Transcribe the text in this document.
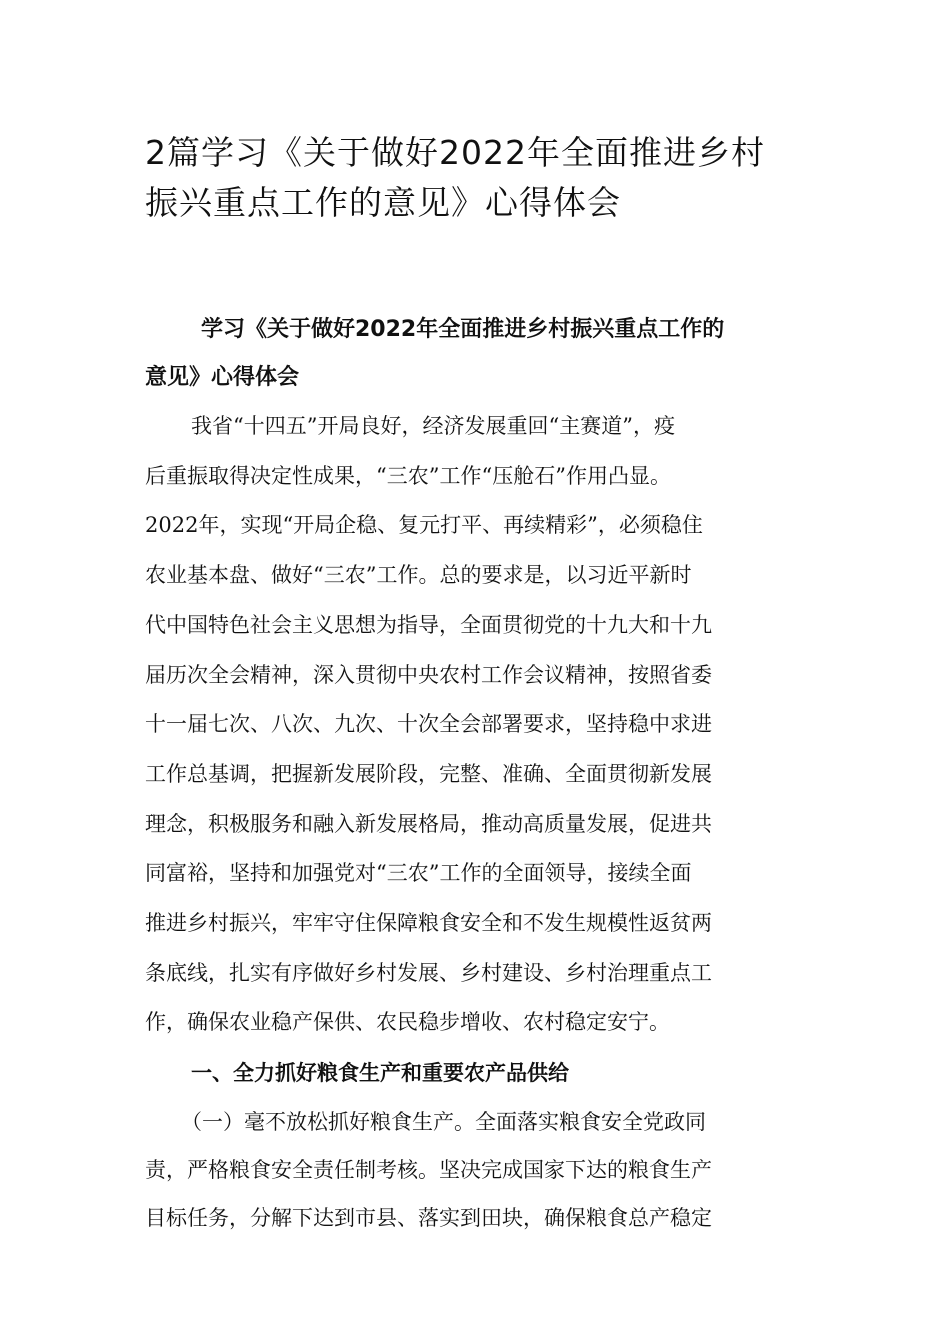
2篇学习《关于做好2022年全面推进乡村
振兴重点工作的意见》心得体会
学习《关于做好2022年全面推进乡村振兴重点工作的
意见》心得体会

我省“十四五”开局良好，经济发展重回“主赛道”，疫
后重振取得决定性成果，“三农”工作“压舱石”作用凸显。
2022年，实现“开局企稳、复元打平、再续精彩”，必须稳住
农业基本盘、做好“三农”工作。总的要求是，以习近平新时
代中国特色社会主义思想为指导，全面贯彻党的十九大和十九
届历次全会精神，深入贯彻中央农村工作会议精神，按照省委
十一届七次、八次、九次、十次全会部署要求，坚持稳中求进
工作总基调，把握新发展阶段，完整、准确、全面贯彻新发展
理念，积极服务和融入新发展格局，推动高质量发展，促进共
同富裕，坚持和加强党对“三农”工作的全面领导，接续全面
推进乡村振兴，牢牢守住保障粮食安全和不发生规模性返贫两
条底线，扎实有序做好乡村发展、乡村建设、乡村治理重点工
作，确保农业稳产保供、农民稳步增收、农村稳定安宁。

一、全力抓好粮食生产和重要农产品供给

（一）毫不放松抓好粮食生产。全面落实粮食安全党政同
责，严格粮食安全责任制考核。坚决完成国家下达的粮食生产
目标任务，分解下达到市县、落实到田块，确保粮食总产稳定
